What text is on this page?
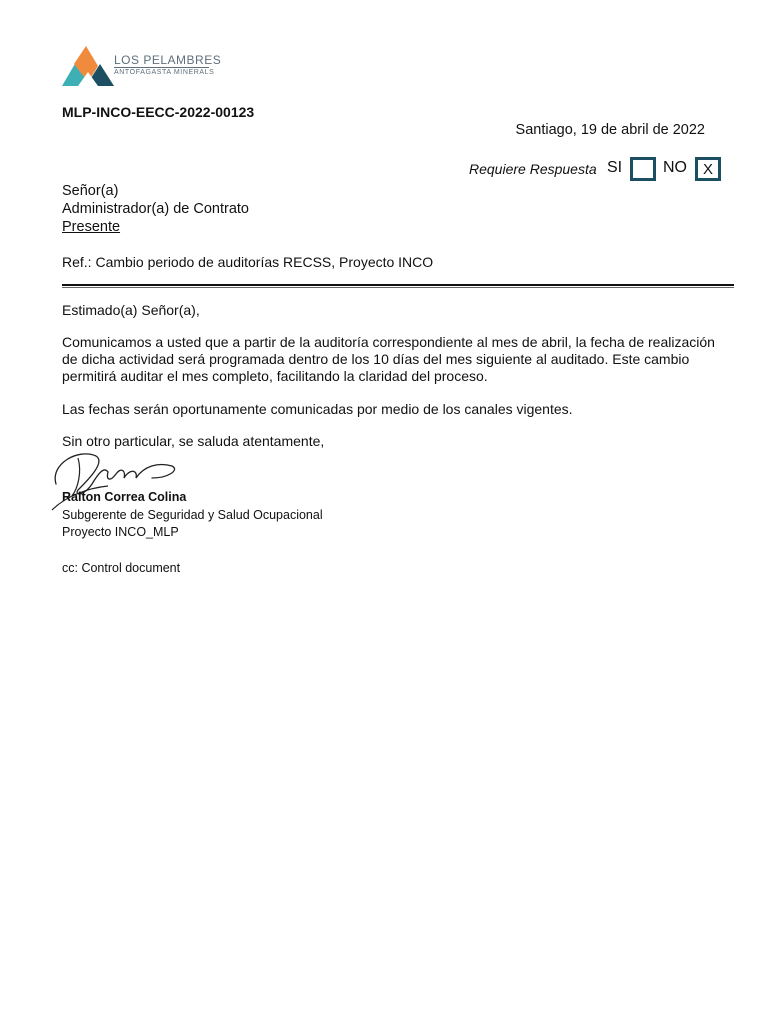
LOS PELAMBRES
ANTOFAGASTA MINERALS
MLP-INCO-EECC-2022-00123
Santiago, 19 de abril de 2022
Requiere Respuesta SI	NO	X
Señor(a)
Administrador(a) de Contrato
Presente
Ref.: Cambio periodo de auditorías RECSS, Proyecto INCO
Estimado(a) Señor(a),
Comunicamos a usted que a partir de la auditoría correspondiente al mes de abril, la fecha de realización de dicha actividad será programada dentro de los 10 días del mes siguiente al auditado. Este cambio permitirá auditar el mes completo, facilitando la claridad del proceso.
Las fechas serán oportunamente comunicadas por medio de los canales vigentes.
Sin otro particular, se saluda atentamente,
Ralton Correa Colina
Subgerente de Seguridad y Salud Ocupacional
Proyecto INCO_MLP
cc: Control document
